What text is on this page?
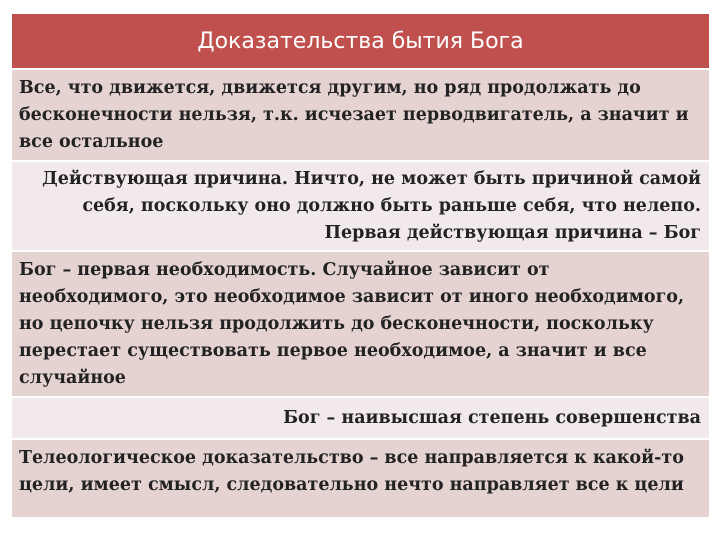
Доказательства бытия Бога
Все, что движется, движется другим, но ряд продолжать до
бесконечности нельзя, т.к. исчезает перводвигатель, а значит и
все остальное
Действующая причина. Ничто, не может быть причиной самой
себя, поскольку оно должно быть раньше себя, что нелепо.
Первая действующая причина – Бог
Бог – первая необходимость. Случайное зависит от
необходимого, это необходимое зависит от иного необходимого,
но цепочку нельзя продолжить до бесконечности, поскольку
перестает существовать первое необходимое, а значит и все
случайное
Бог – наивысшая степень совершенства
Телеологическое доказательство – все направляется к какой-то
цели, имеет смысл, следовательно нечто направляет все к цели
